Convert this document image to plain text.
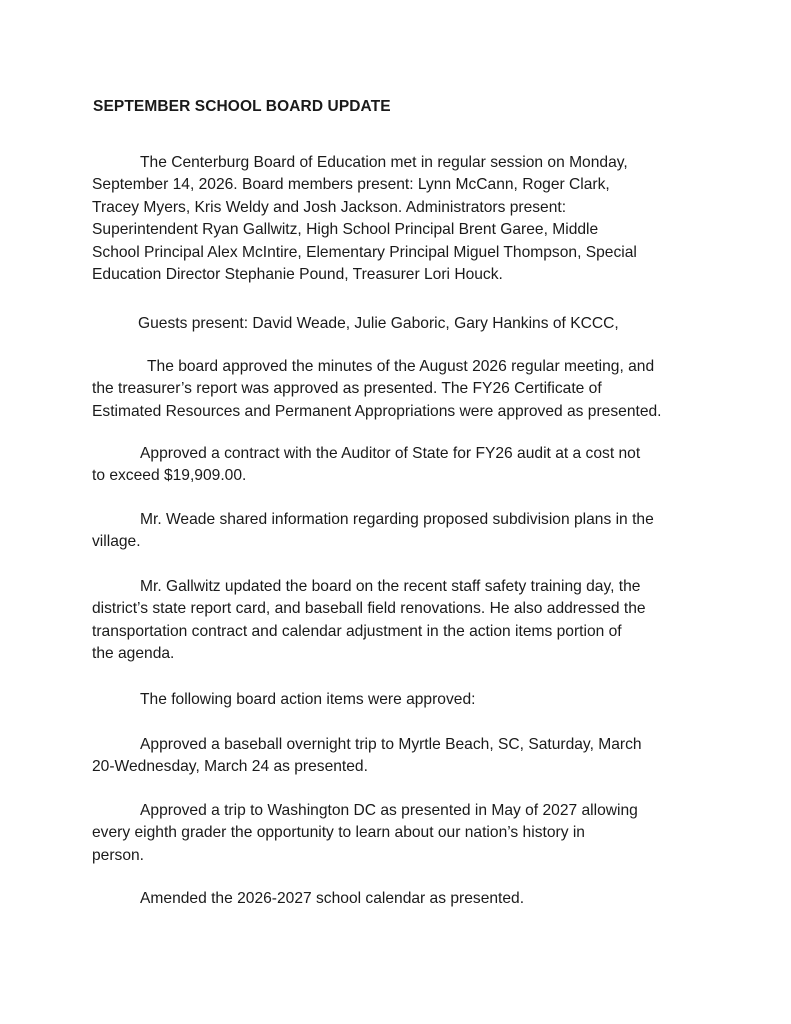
SEPTEMBER SCHOOL BOARD UPDATE

The Centerburg Board of Education met in regular session on Monday,
September 14, 2026. Board members present: Lynn McCann, Roger Clark,
Tracey Myers, Kris Weldy and Josh Jackson. Administrators present:
Superintendent Ryan Gallwitz, High School Principal Brent Garee, Middle
School Principal Alex McIntire, Elementary Principal Miguel Thompson, Special
Education Director Stephanie Pound, Treasurer Lori Houck.

Guests present: David Weade, Julie Gaboric, Gary Hankins of KCCC,

The board approved the minutes of the August 2026 regular meeting, and
the treasurer’s report was approved as presented. The FY26 Certificate of
Estimated Resources and Permanent Appropriations were approved as presented.

Approved a contract with the Auditor of State for FY26 audit at a cost not
to exceed $19,909.00.

Mr. Weade shared information regarding proposed subdivision plans in the
village.

Mr. Gallwitz updated the board on the recent staff safety training day, the
district’s state report card, and baseball field renovations. He also addressed the
transportation contract and calendar adjustment in the action items portion of
the agenda.

The following board action items were approved:

Approved a baseball overnight trip to Myrtle Beach, SC, Saturday, March
20-Wednesday, March 24 as presented.

Approved a trip to Washington DC as presented in May of 2027 allowing
every eighth grader the opportunity to learn about our nation’s history in
person.

Amended the 2026-2027 school calendar as presented.
